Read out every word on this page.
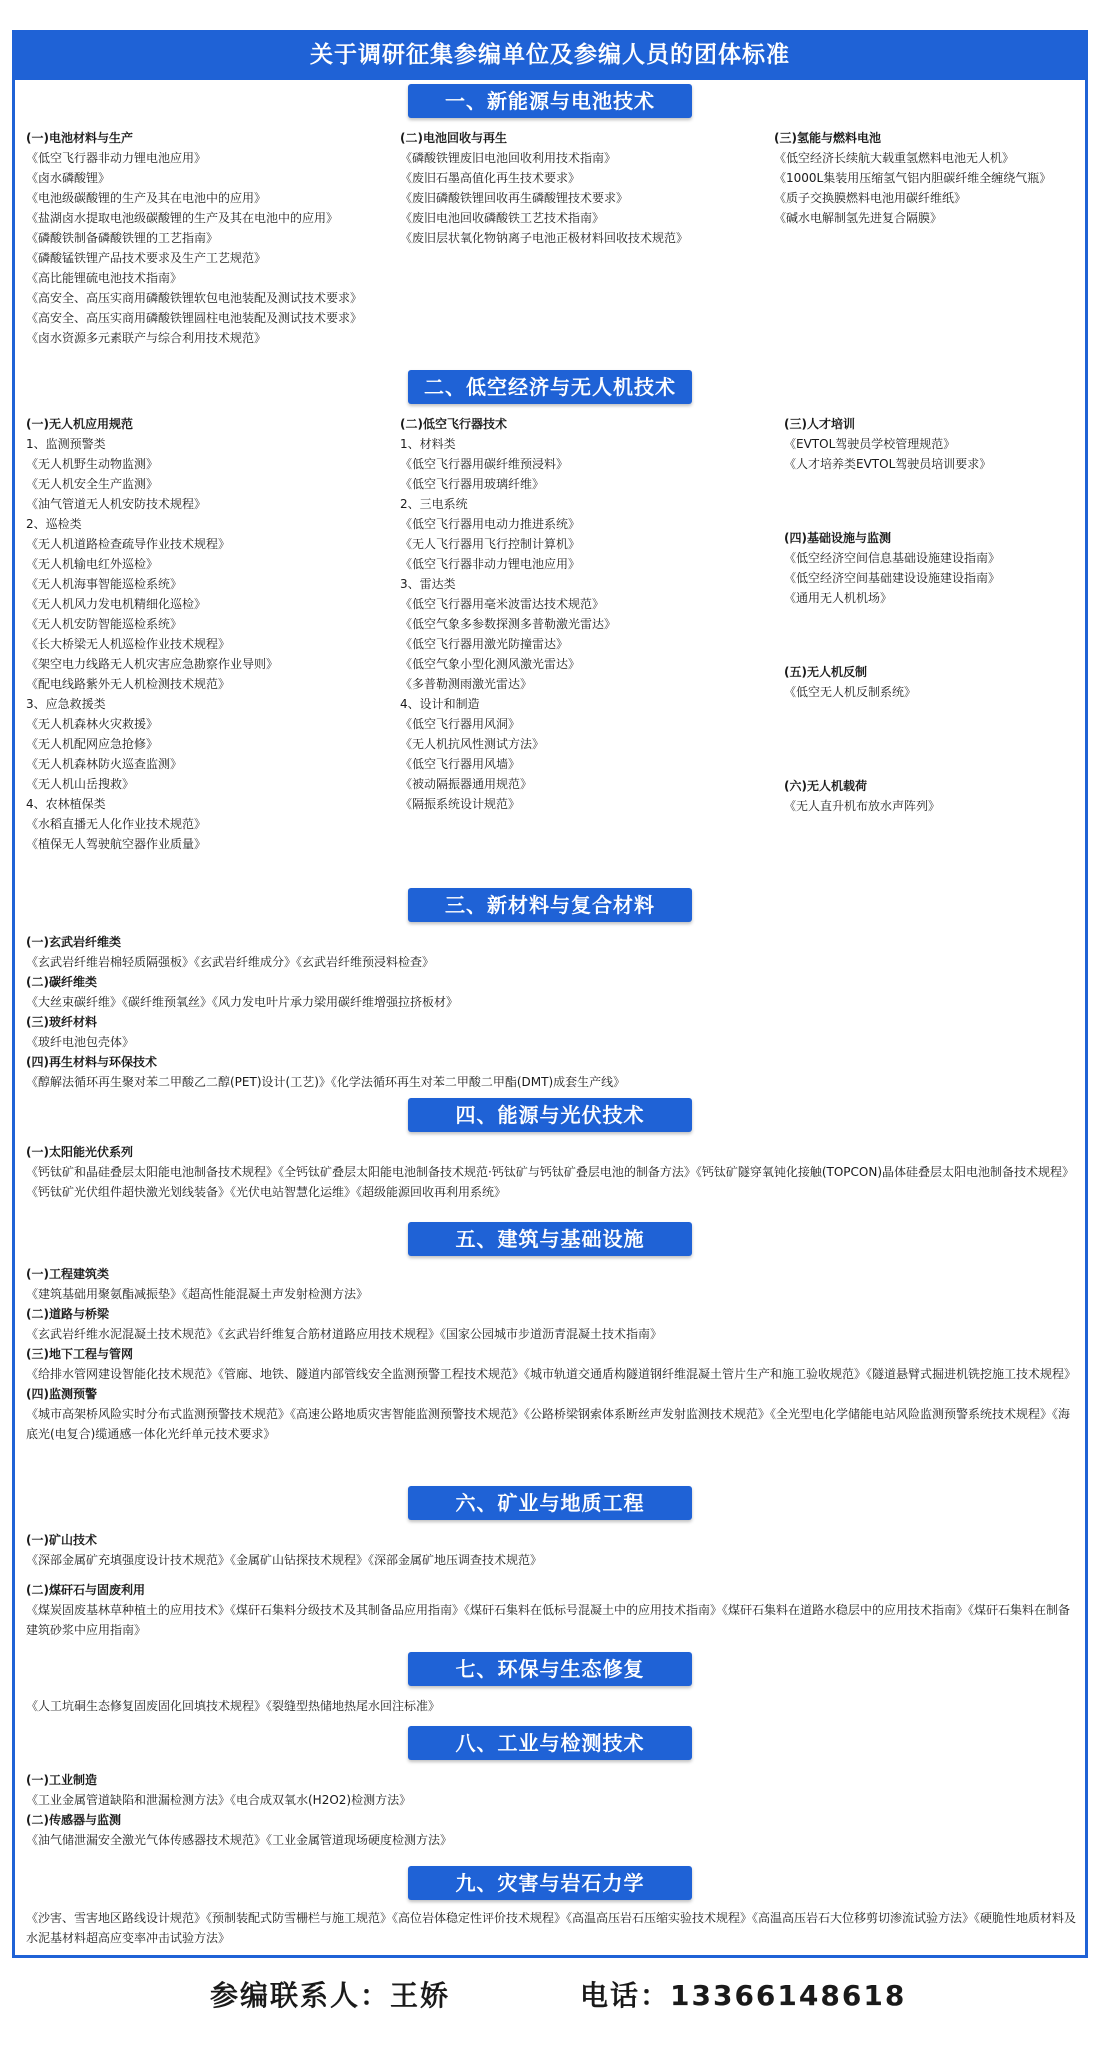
关于调研征集参编单位及参编人员的团体标准
一、新能源与电池技术
(一)电池材料与生产
《低空飞行器非动力锂电池应用》
《卤水磷酸锂》
《电池级碳酸锂的生产及其在电池中的应用》
《盐湖卤水提取电池级碳酸锂的生产及其在电池中的应用》
《磷酸铁制备磷酸铁锂的工艺指南》
《磷酸锰铁锂产品技术要求及生产工艺规范》
《高比能锂硫电池技术指南》
《高安全、高压实商用磷酸铁锂软包电池装配及测试技术要求》
《高安全、高压实商用磷酸铁锂圆柱电池装配及测试技术要求》
《卤水资源多元素联产与综合利用技术规范》
(二)电池回收与再生
《磷酸铁锂废旧电池回收利用技术指南》
《废旧石墨高值化再生技术要求》
《废旧磷酸铁锂回收再生磷酸锂技术要求》
《废旧电池回收磷酸铁工艺技术指南》
《废旧层状氧化物钠离子电池正极材料回收技术规范》
(三)氢能与燃料电池
《低空经济长续航大载重氢燃料电池无人机》
《1000L集装用压缩氢气铝内胆碳纤维全缠绕气瓶》
《质子交换膜燃料电池用碳纤维纸》
《碱水电解制氢先进复合隔膜》
二、低空经济与无人机技术
(一)无人机应用规范
1、监测预警类
《无人机野生动物监测》
《无人机安全生产监测》
《油气管道无人机安防技术规程》
2、巡检类
《无人机道路检查疏导作业技术规程》
《无人机输电红外巡检》
《无人机海事智能巡检系统》
《无人机风力发电机精细化巡检》
《无人机安防智能巡检系统》
《长大桥梁无人机巡检作业技术规程》
《架空电力线路无人机灾害应急勘察作业导则》
《配电线路紫外无人机检测技术规范》
3、应急救援类
《无人机森林火灾救援》
《无人机配网应急抢修》
《无人机森林防火巡查监测》
《无人机山岳搜救》
4、农林植保类
《水稻直播无人化作业技术规范》
《植保无人驾驶航空器作业质量》
(二)低空飞行器技术
1、材料类
《低空飞行器用碳纤维预浸料》
《低空飞行器用玻璃纤维》
2、三电系统
《低空飞行器用电动力推进系统》
《无人飞行器用飞行控制计算机》
《低空飞行器非动力锂电池应用》
3、雷达类
《低空飞行器用毫米波雷达技术规范》
《低空气象多参数探测多普勒激光雷达》
《低空飞行器用激光防撞雷达》
《低空气象小型化测风激光雷达》
《多普勒测雨激光雷达》
4、设计和制造
《低空飞行器用风洞》
《无人机抗风性测试方法》
《低空飞行器用风墙》
《被动隔振器通用规范》
《隔振系统设计规范》
(三)人才培训
《EVTOL驾驶员学校管理规范》
《人才培养类EVTOL驾驶员培训要求》
(四)基础设施与监测
《低空经济空间信息基础设施建设指南》
《低空经济空间基础建设设施建设指南》
《通用无人机机场》
(五)无人机反制
《低空无人机反制系统》
(六)无人机载荷
《无人直升机布放水声阵列》
三、新材料与复合材料
(一)玄武岩纤维类
《玄武岩纤维岩棉轻质隔强板》《玄武岩纤维成分》《玄武岩纤维预浸料检查》
(二)碳纤维类
《大丝束碳纤维》《碳纤维预氧丝》《风力发电叶片承力梁用碳纤维增强拉挤板材》
(三)玻纤材料
《玻纤电池包壳体》
(四)再生材料与环保技术
《醇解法循环再生聚对苯二甲酸乙二醇(PET)设计(工艺)》《化学法循环再生对苯二甲酸二甲酯(DMT)成套生产线》
四、能源与光伏技术
(一)太阳能光伏系列
《钙钛矿和晶硅叠层太阳能电池制备技术规程》《全钙钛矿叠层太阳能电池制备技术规范·钙钛矿与钙钛矿叠层电池的制备方法》《钙钛矿隧穿氧钝化接触(TOPCON)晶体硅叠层太阳电池制备技术规程》《钙钛矿光伏组件超快激光划线装备》《光伏电站智慧化运维》《超级能源回收再利用系统》
五、建筑与基础设施
(一)工程建筑类
《建筑基础用聚氨酯减振垫》《超高性能混凝土声发射检测方法》
(二)道路与桥梁
《玄武岩纤维水泥混凝土技术规范》《玄武岩纤维复合筋材道路应用技术规程》《国家公园城市步道沥青混凝土技术指南》
(三)地下工程与管网
《给排水管网建设智能化技术规范》《管廊、地铁、隧道内部管线安全监测预警工程技术规范》《城市轨道交通盾构隧道钢纤维混凝土管片生产和施工验收规范》《隧道悬臂式掘进机铣挖施工技术规程》
(四)监测预警
《城市高架桥风险实时分布式监测预警技术规范》《高速公路地质灾害智能监测预警技术规范》《公路桥梁钢索体系断丝声发射监测技术规范》《全光型电化学储能电站风险监测预警系统技术规程》《海底光(电复合)缆通感一体化光纤单元技术要求》
六、矿业与地质工程
(一)矿山技术
《深部金属矿充填强度设计技术规范》《金属矿山钻探技术规程》《深部金属矿地压调查技术规范》
(二)煤矸石与固废利用
《煤炭固废基林草种植土的应用技术》《煤矸石集料分级技术及其制备品应用指南》《煤矸石集料在低标号混凝土中的应用技术指南》《煤矸石集料在道路水稳层中的应用技术指南》《煤矸石集料在制备建筑砂浆中应用指南》
七、环保与生态修复
《人工坑硐生态修复固废固化回填技术规程》《裂缝型热储地热尾水回注标准》
八、工业与检测技术
(一)工业制造
《工业金属管道缺陷和泄漏检测方法》《电合成双氧水(H2O2)检测方法》
(二)传感器与监测
《油气储泄漏安全激光气体传感器技术规范》《工业金属管道现场硬度检测方法》
九、灾害与岩石力学
《沙害、雪害地区路线设计规范》《预制装配式防雪栅栏与施工规范》《高位岩体稳定性评价技术规程》《高温高压岩石压缩实验技术规程》《高温高压岩石大位移剪切渗流试验方法》《硬脆性地质材料及水泥基材料超高应变率冲击试验方法》
参编联系人：王娇	电话：13366148618
